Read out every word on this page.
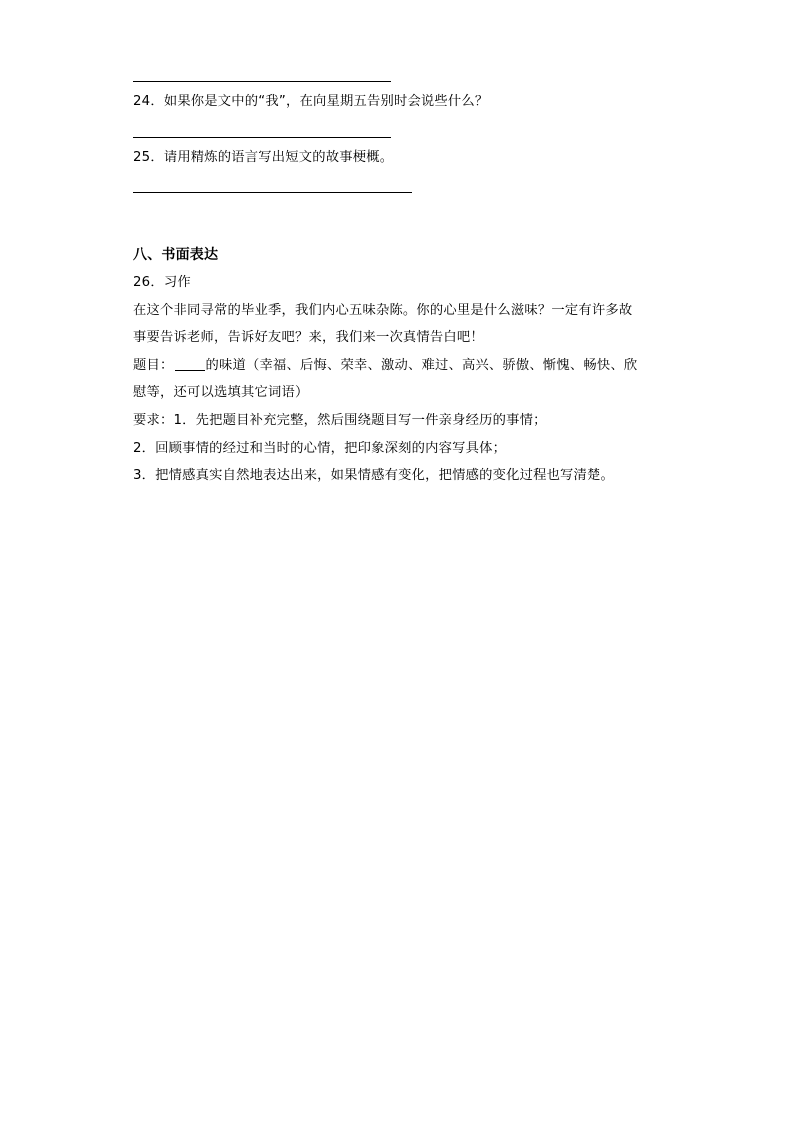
24．如果你是文中的“我”，在向星期五告别时会说些什么？
25．请用精炼的语言写出短文的故事梗概。
八、书面表达
26．习作
在这个非同寻常的毕业季，我们内心五味杂陈。你的心里是什么滋味？一定有许多故
事要告诉老师，告诉好友吧？来，我们来一次真情告白吧！
题目： 的味道（幸福、后悔、荣幸、激动、难过、高兴、骄傲、惭愧、畅快、欣
慰等，还可以选填其它词语）
要求：1．先把题目补充完整，然后围绕题目写一件亲身经历的事情；
2．回顾事情的经过和当时的心情，把印象深刻的内容写具体；
3．把情感真实自然地表达出来，如果情感有变化，把情感的变化过程也写清楚。
